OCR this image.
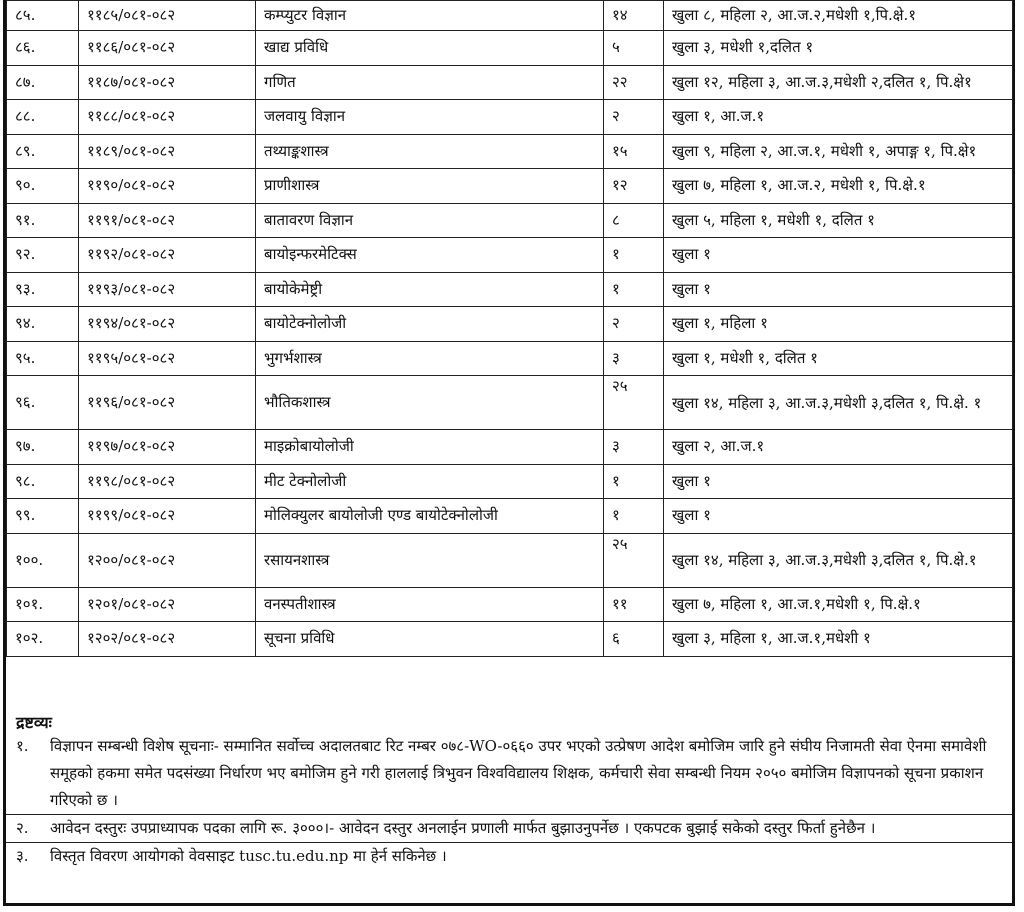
८५.	११८५/०८१-०८२	कम्प्युटर विज्ञान	१४	खुला ८, महिला २, आ.ज.२,मधेशी १,पि.क्षे.१
८६.	११८६/०८१-०८२	खाद्य प्रविधि	५	खुला ३, मधेशी १,दलित १
८७.	११८७/०८१-०८२	गणित	२२	खुला १२, महिला ३, आ.ज.३,मधेशी २,दलित १, पि.क्षे१
८८.	११८८/०८१-०८२	जलवायु विज्ञान	२	खुला १, आ.ज.१
८९.	११८९/०८१-०८२	तथ्याङ्कशास्त्र	१५	खुला ९, महिला २, आ.ज.१, मधेशी १, अपाङ्ग १, पि.क्षे१
९०.	११९०/०८१-०८२	प्राणीशास्त्र	१२	खुला ७, महिला १, आ.ज.२, मधेशी १, पि.क्षे.१
९१.	११९१/०८१-०८२	बातावरण विज्ञान	८	खुला ५, महिला १, मधेशी १, दलित १
९२.	११९२/०८१-०८२	बायोइन्फरमेटिक्स	१	खुला १
९३.	११९३/०८१-०८२	बायोकेमेष्ट्री	१	खुला १
९४.	११९४/०८१-०८२	बायोटेक्नोलोजी	२	खुला १, महिला १
९५.	११९५/०८१-०८२	भुगर्भशास्त्र	३	खुला १, मधेशी १, दलित १
९६.	११९६/०८१-०८२	भौतिकशास्त्र	२५	खुला १४, महिला ३, आ.ज.३,मधेशी ३,दलित १, पि.क्षे. १
९७.	११९७/०८१-०८२	माइक्रोबायोलोजी	३	खुला २, आ.ज.१
९८.	११९८/०८१-०८२	मीट टेक्नोलोजी	१	खुला १
९९.	११९९/०८१-०८२	मोलिक्युलर बायोलोजी एण्ड बायोटेक्नोलोजी	१	खुला १
१००.	१२००/०८१-०८२	रसायनशास्त्र	२५	खुला १४, महिला ३, आ.ज.३,मधेशी ३,दलित १, पि.क्षे.१
१०१.	१२०१/०८१-०८२	वनस्पतीशास्त्र	११	खुला ७, महिला १, आ.ज.१,मधेशी १, पि.क्षे.१
१०२.	१२०२/०८१-०८२	सूचना प्रविधि	६	खुला ३, महिला १, आ.ज.१,मधेशी १
द्रष्टव्यः
१.	विज्ञापन सम्बन्धी विशेष सूचनाः- सम्मानित सर्वोच्च अदालतबाट रिट नम्बर ०७८-WO-०६६० उपर भएको उत्प्रेषण आदेश बमोजिम जारि हुने संघीय निजामती सेवा ऐनमा समावेशी समूहको हकमा समेत पदसंख्या निर्धारण भए बमोजिम हुने गरी हाललाई त्रिभुवन विश्वविद्यालय शिक्षक, कर्मचारी सेवा सम्बन्धी नियम २०५० बमोजिम विज्ञापनको सूचना प्रकाशन गरिएको छ ।
२.	आवेदन दस्तुरः उपप्राध्यापक पदका लागि रू. ३०००।- आवेदन दस्तुर अनलाईन प्रणाली मार्फत बुझाउनुपर्नेछ । एकपटक बुझाई सकेको दस्तुर फिर्ता हुनेछैन ।
३.	विस्तृत विवरण आयोगको वेवसाइट tusc.tu.edu.np मा हेर्न सकिनेछ ।
